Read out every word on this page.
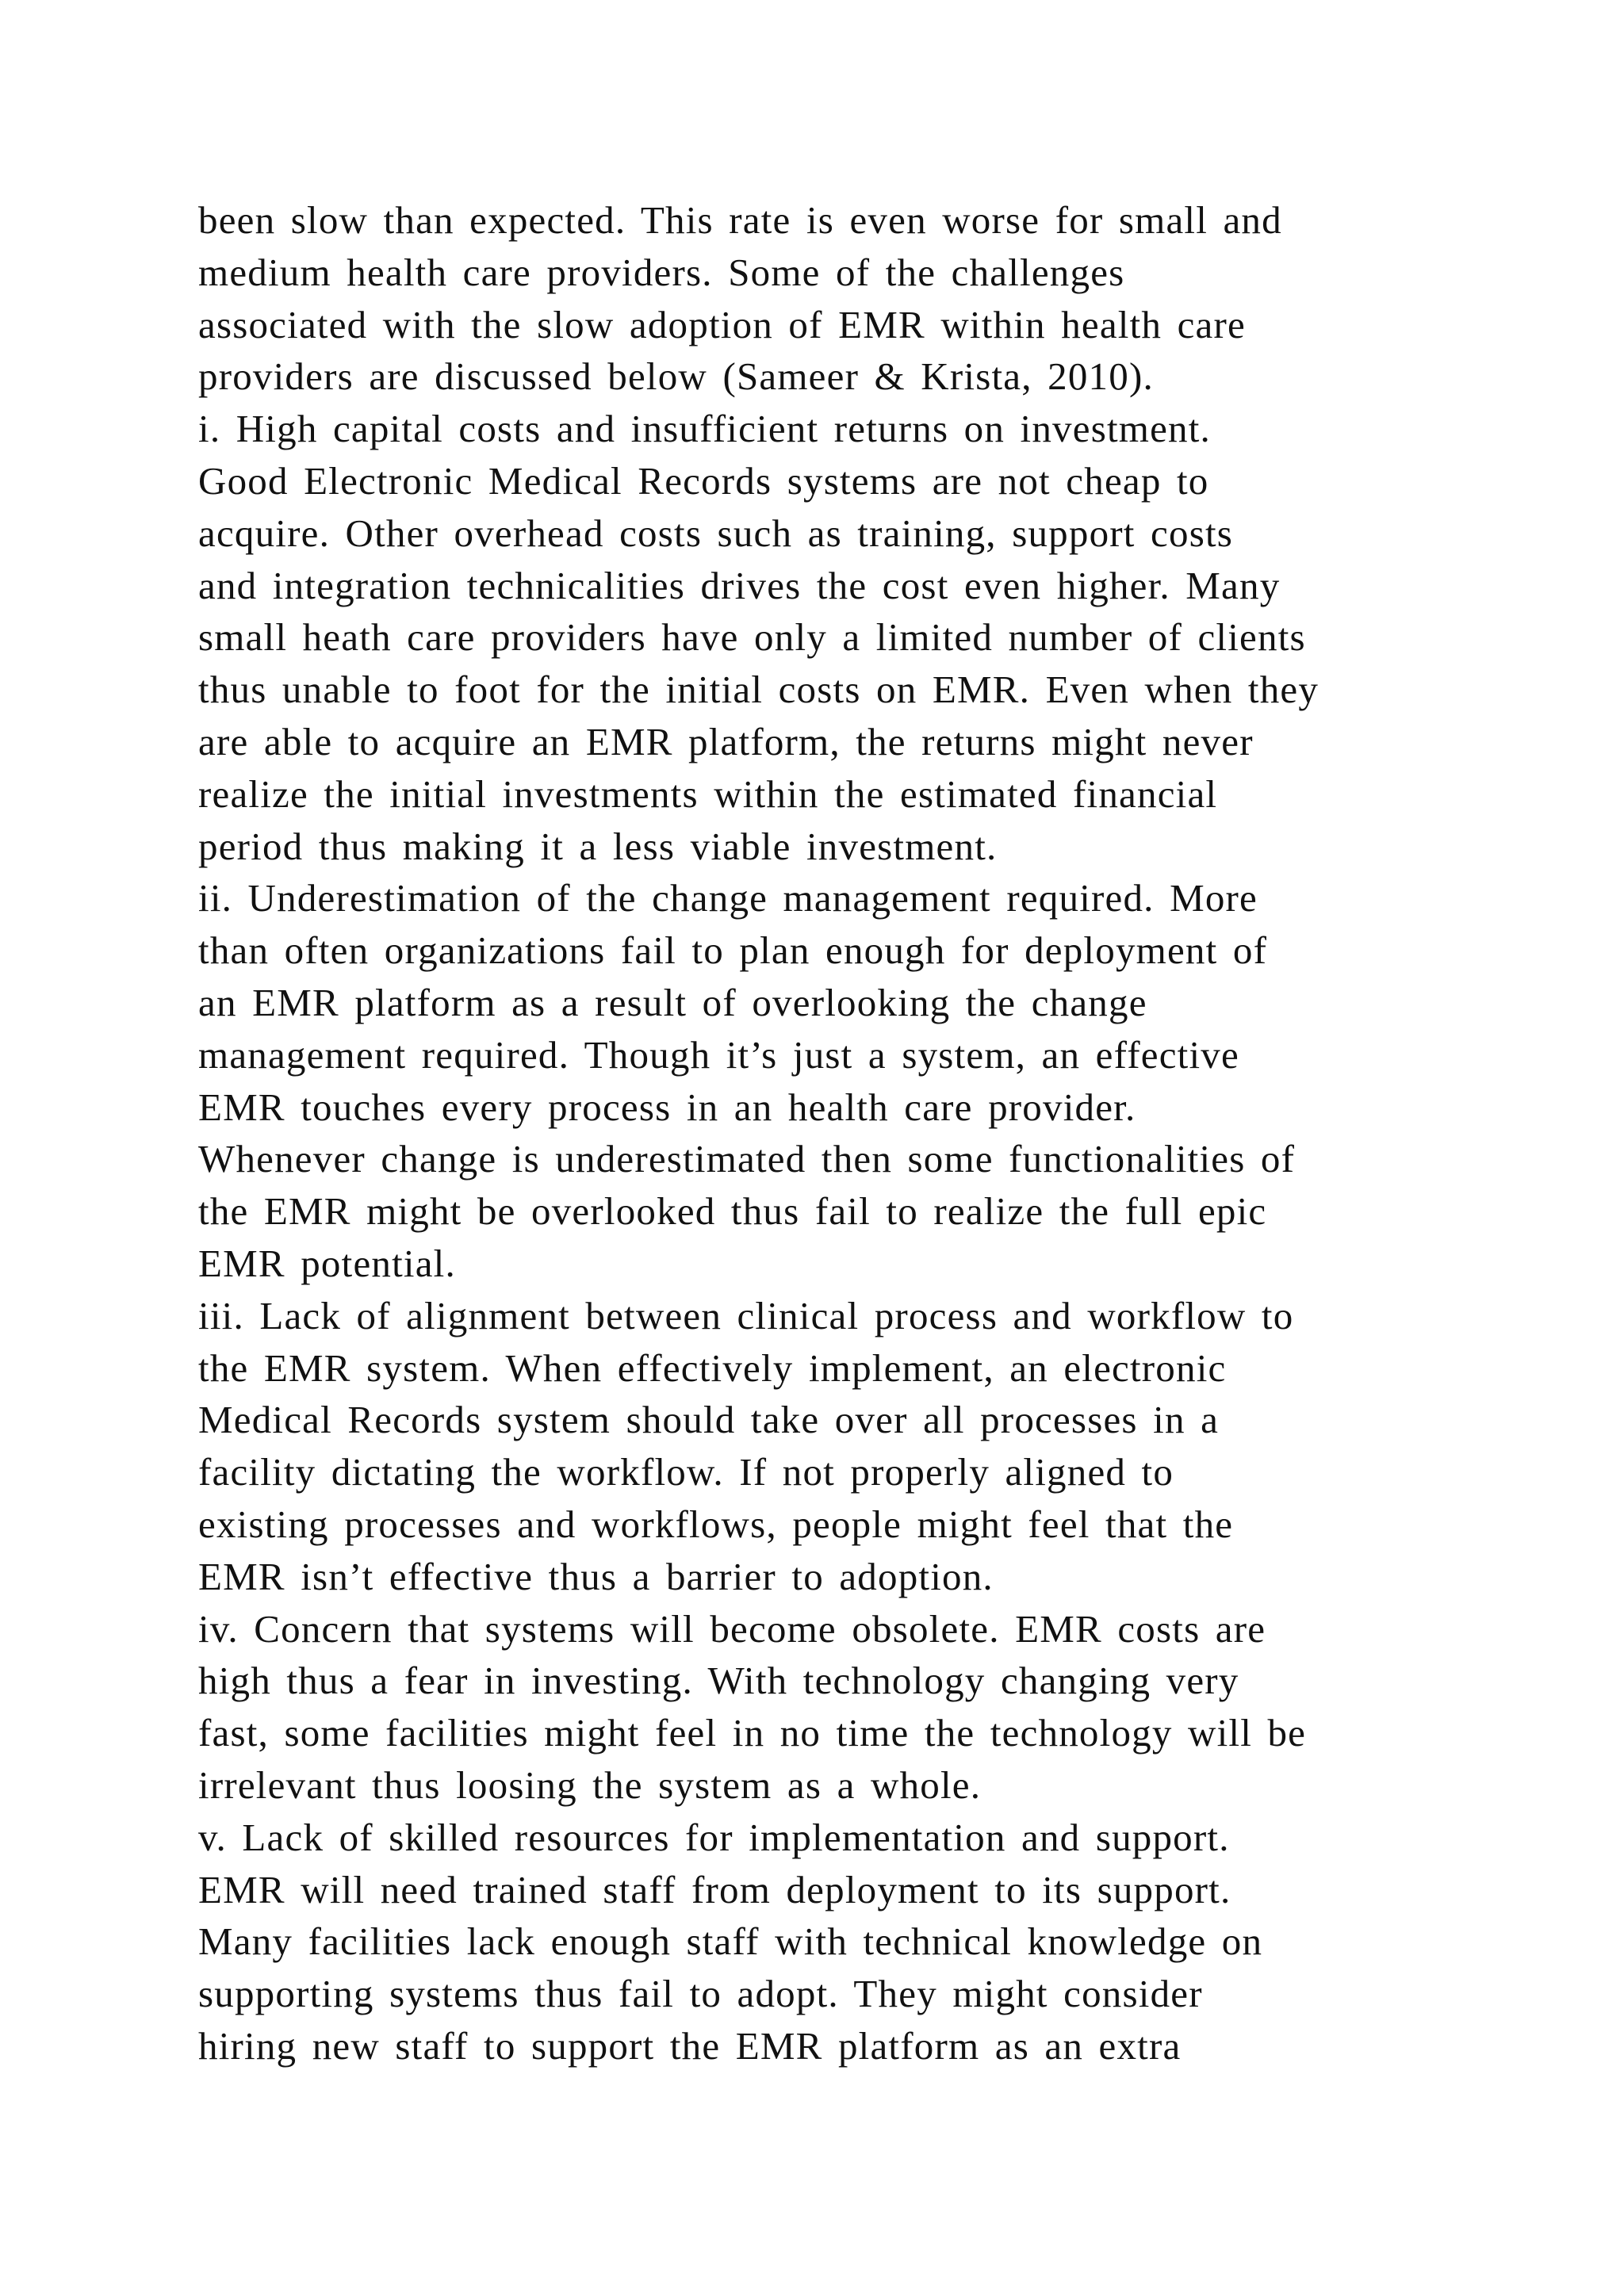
been slow than expected. This rate is even worse for small and
medium health care providers. Some of the challenges
associated with the slow adoption of EMR within health care
providers are discussed below (Sameer & Krista, 2010).
i. High capital costs and insufficient returns on investment.
Good Electronic Medical Records systems are not cheap to
acquire. Other overhead costs such as training, support costs
and integration technicalities drives the cost even higher. Many
small heath care providers have only a limited number of clients
thus unable to foot for the initial costs on EMR. Even when they
are able to acquire an EMR platform, the returns might never
realize the initial investments within the estimated financial
period thus making it a less viable investment.
ii. Underestimation of the change management required. More
than often organizations fail to plan enough for deployment of
an EMR platform as a result of overlooking the change
management required. Though it’s just a system, an effective
EMR touches every process in an health care provider.
Whenever change is underestimated then some functionalities of
the EMR might be overlooked thus fail to realize the full epic
EMR potential.
iii. Lack of alignment between clinical process and workflow to
the EMR system. When effectively implement, an electronic
Medical Records system should take over all processes in a
facility dictating the workflow. If not properly aligned to
existing processes and workflows, people might feel that the
EMR isn’t effective thus a barrier to adoption.
iv. Concern that systems will become obsolete. EMR costs are
high thus a fear in investing. With technology changing very
fast, some facilities might feel in no time the technology will be
irrelevant thus loosing the system as a whole.
v. Lack of skilled resources for implementation and support.
EMR will need trained staff from deployment to its support.
Many facilities lack enough staff with technical knowledge on
supporting systems thus fail to adopt. They might consider
hiring new staff to support the EMR platform as an extra
